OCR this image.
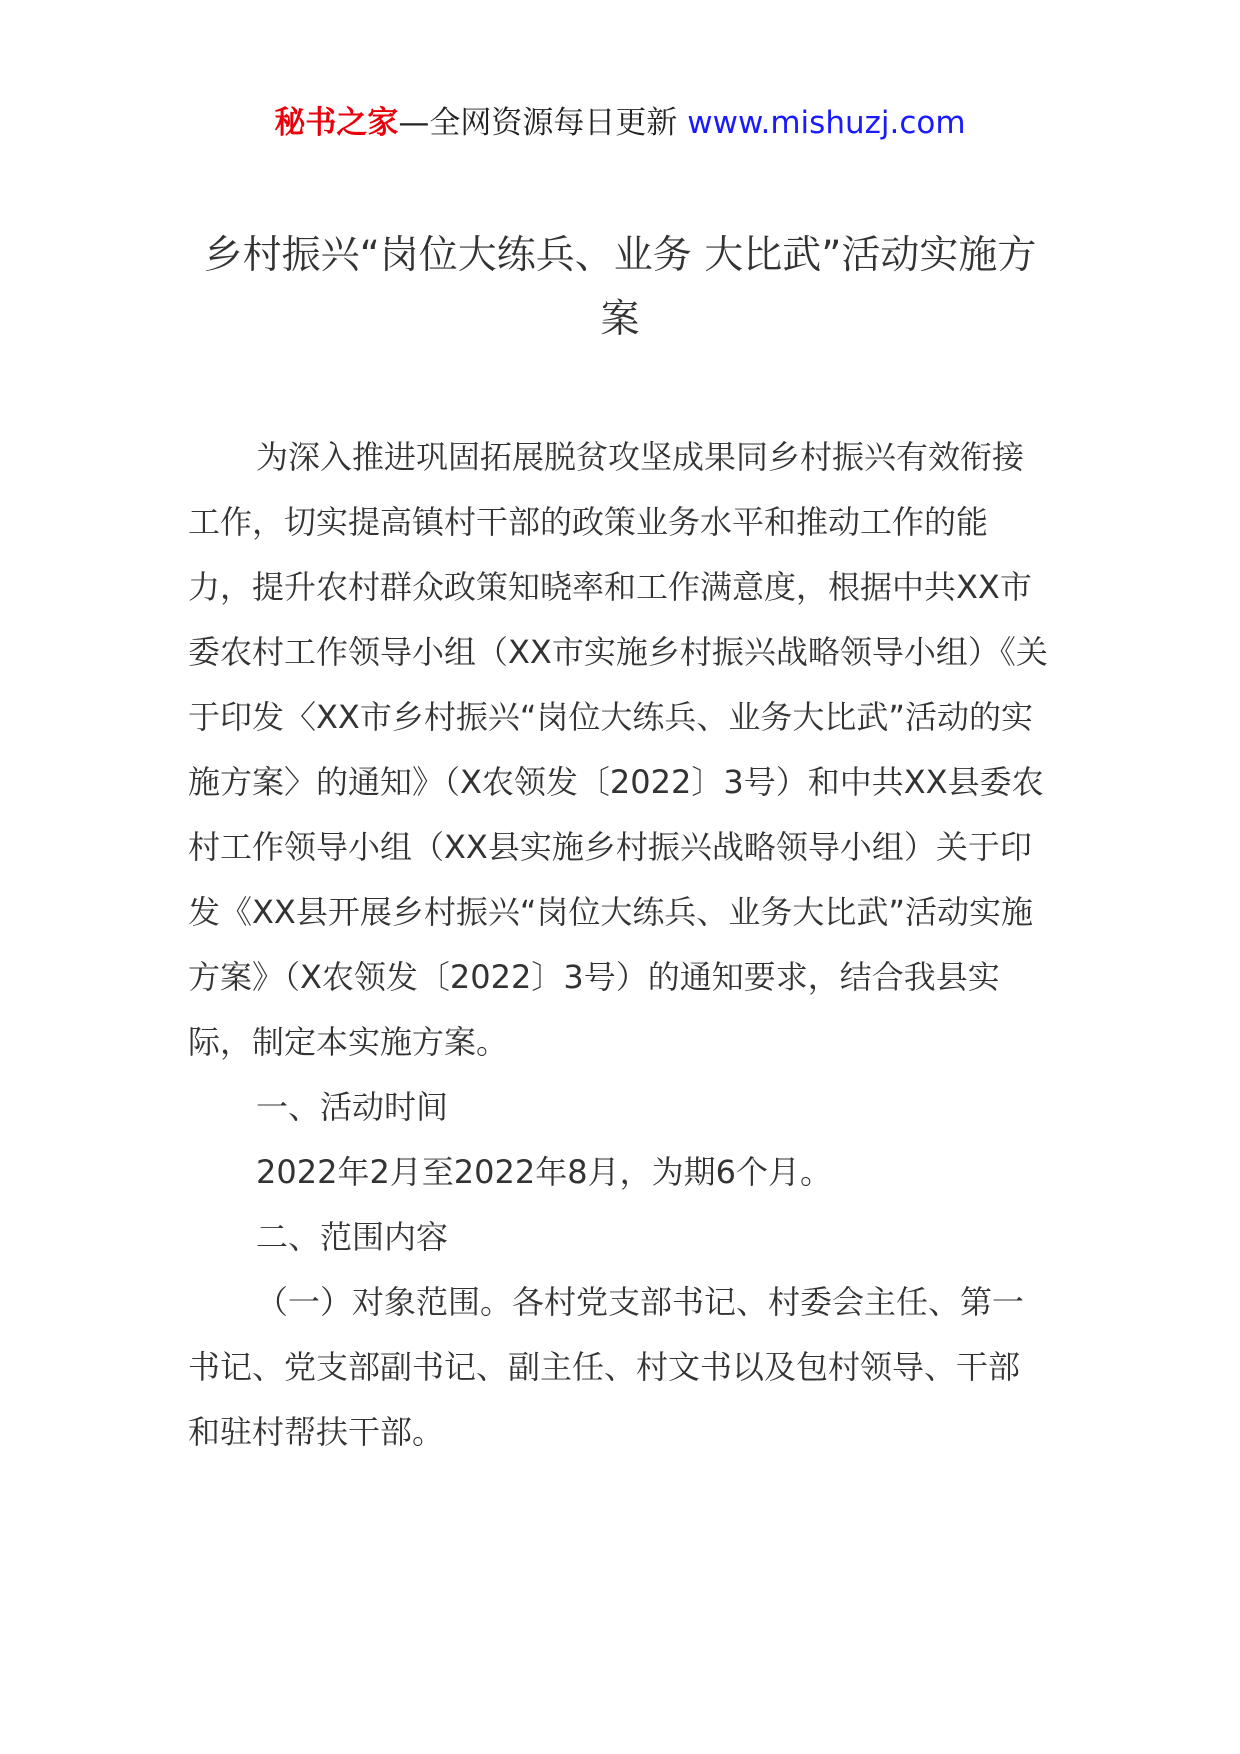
秘书之家—全网资源每日更新 www.mishuzj.com
乡村振兴“岗位大练兵、业务 大比武”活动实施方
案

为深入推进巩固拓展脱贫攻坚成果同乡村振兴有效衔接工作，切实提高镇村干部的政策业务水平和推动工作的能力，提升农村群众政策知晓率和工作满意度，根据中共XX市委农村工作领导小组（XX市实施乡村振兴战略领导小组）《关于印发〈XX市乡村振兴“岗位大练兵、业务大比武”活动的实施方案〉的通知》（X农领发〔2022〕3号）和中共XX县委农村工作领导小组（XX县实施乡村振兴战略领导小组）关于印发《XX县开展乡村振兴“岗位大练兵、业务大比武”活动实施方案》（X农领发〔2022〕3号）的通知要求，结合我县实际，制定本实施方案。

一、活动时间

2022年2月至2022年8月，为期6个月。

二、范围内容

（一）对象范围。各村党支部书记、村委会主任、第一书记、党支部副书记、副主任、村文书以及包村领导、干部和驻村帮扶干部。
